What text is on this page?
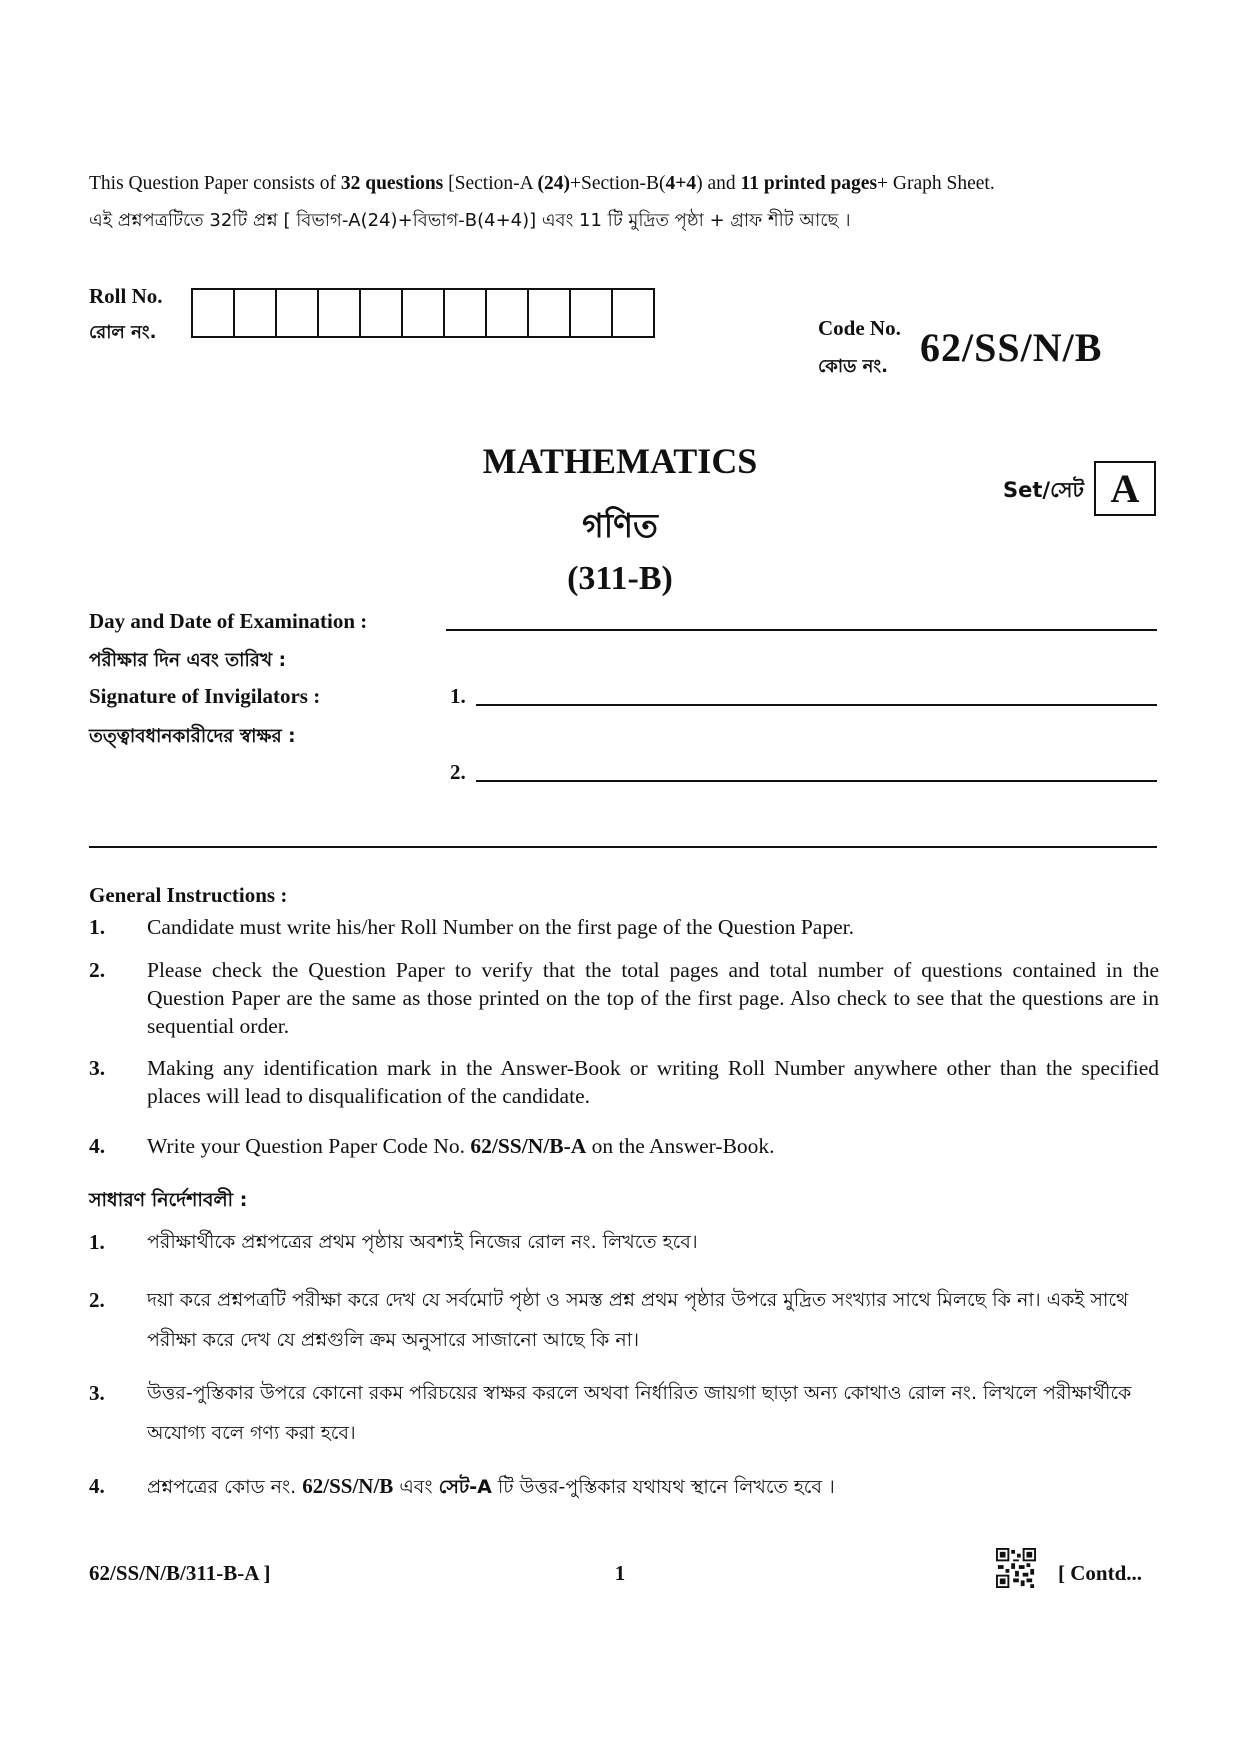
This Question Paper consists of 32 questions [Section-A (24)+Section-B(4+4) and 11 printed pages+ Graph Sheet.
এই প্রশ্নপত্রটিতে 32টি প্রশ্ন [ বিভাগ-A(24)+বিভাগ-B(4+4)] এবং 11 টি মুদ্রিত পৃষ্ঠা + গ্রাফ শীট আছে ।
Roll No.
রোল নং.	Code No.
কোড নং. 62/SS/N/B
MATHEMATICS
গণিত
(311-B)
Set/সেট A
Day and Date of Examination :
পরীক্ষার দিন এবং তারিখ :
Signature of Invigilators :	1.
তত্ত্বাবধানকারীদের স্বাক্ষর :
2.
General Instructions :
1.	Candidate must write his/her Roll Number on the first page of the Question Paper.
2.	Please check the Question Paper to verify that the total pages and total number of questions contained in the Question Paper are the same as those printed on the top of the first page. Also check to see that the questions are in sequential order.
3.	Making any identification mark in the Answer-Book or writing Roll Number anywhere other than the specified places will lead to disqualification of the candidate.
4.	Write your Question Paper Code No. 62/SS/N/B-A on the Answer-Book.
সাধারণ নির্দেশাবলী :
1.	পরীক্ষার্থীকে প্রশ্নপত্রের প্রথম পৃষ্ঠায় অবশ্যই নিজের রোল নং. লিখতে হবে।
2.	দয়া করে প্রশ্নপত্রটি পরীক্ষা করে দেখ যে সর্বমোট পৃষ্ঠা ও সমস্ত প্রশ্ন প্রথম পৃষ্ঠার উপরে মুদ্রিত সংখ্যার সাথে মিলছে কি না। একই সাথে পরীক্ষা করে দেখ যে প্রশ্নগুলি ক্রম অনুসারে সাজানো আছে কি না।
3.	উত্তর-পুস্তিকার উপরে কোনো রকম পরিচয়ের স্বাক্ষর করলে অথবা নির্ধারিত জায়গা ছাড়া অন্য কোথাও রোল নং. লিখলে পরীক্ষার্থীকে অযোগ্য বলে গণ্য করা হবে।
4.	প্রশ্নপত্রের কোড নং. 62/SS/N/B এবং সেট-A টি উত্তর-পুস্তিকার যথাযথ স্থানে লিখতে হবে ।
62/SS/N/B/311-B-A ]	1	[ Contd...
